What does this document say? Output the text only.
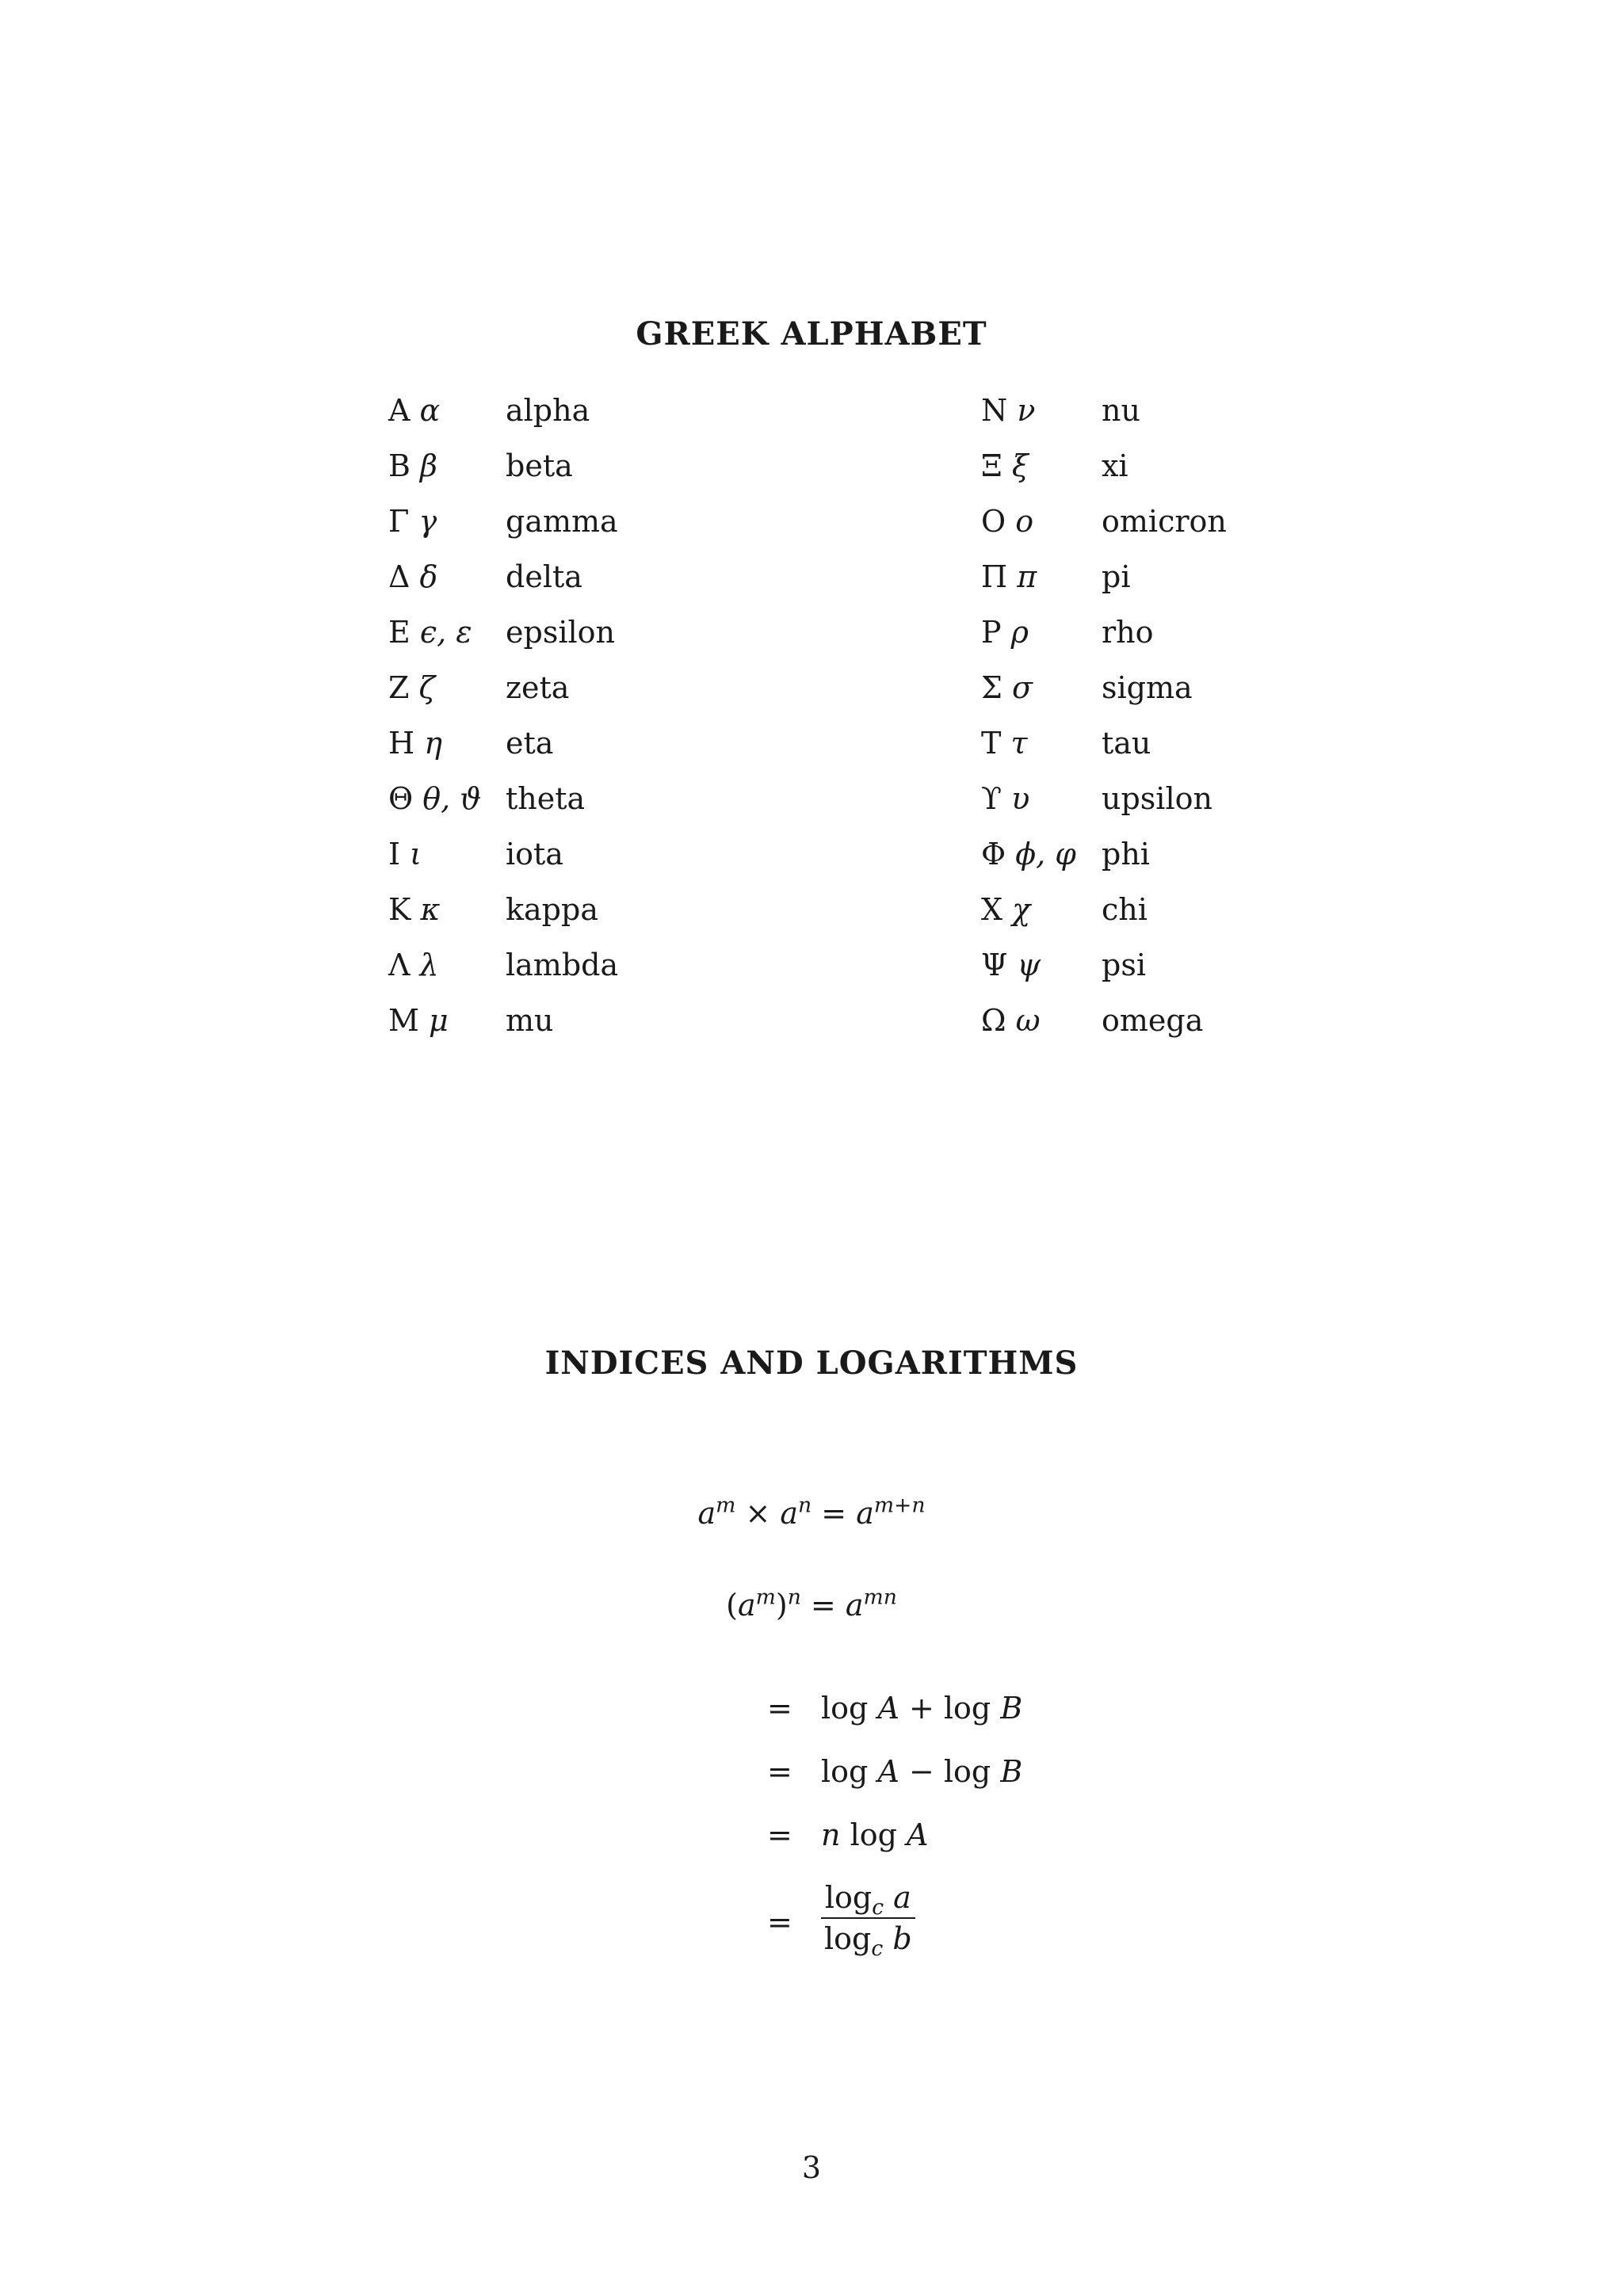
GREEK ALPHABET
A α alpha
B β beta
Γ γ gamma
Δ δ delta
E ϵ, ε epsilon
Z ζ zeta
H η eta
Θ θ, ϑ theta
I ι	iota
K κ kappa
Λ λ lambda
M μ mu
N ν nu
Ξ ξ xi
O o omicron
Π π pi
P ρ rho
Σ σ sigma
T τ tau
ϒ υ upsilon
Φ ϕ, φ phi
X χ chi
Ψ ψ psi
Ω ω omega
INDICES AND LOGARITHMS
$a^m \times a^n = a^{m+n}$
$(a^m)^n = a^{mn}$
= log A + log B
= log A − log B
= n log A
= $\frac{\log_c a}{\log_c b}$
3
